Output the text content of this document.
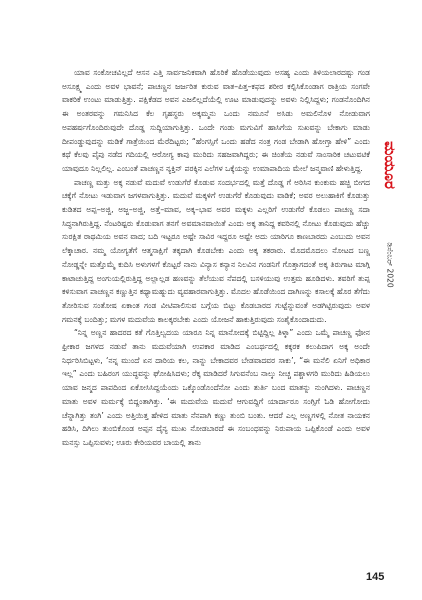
ಯಾವ ಸಂಕೋಚವಿಲ್ಲದೆ ಆಸನ ಎತ್ತಿ ಸಾರ್ವಜನಿಕವಾಗಿ ಹೊರಿಕೆ ಹೊಡೆಯುವುದು ಅಸಹ್ಯ ಎಂದು ತಿಳಿಯಲಾರದಷ್ಟು ಗಂಡ ಅಸೂಕ್ಷ್ಮ ಎಂದು ಅವಳ ಭಾವನೆ; ಪಾಚಣ್ಣನ ಜರ್ಜರಿತ ಕುರುವ ವಾತ–ಪಿತ್ತ–ಕಫದ ಶರೀರ ಕಲ್ಪಿಸಿಕೊಂಡಾಗ ರಾತ್ರಿಯ ಸಂಗವೇ ವಾಕರಿಕೆ ಉಂಟು ಮಾಡುತ್ತಿತ್ತು. ಪಕ್ಷಿಕೆಡದ ಅವನ ಎಜಲಿಲ್ಲದೆಯೆಲ್ಲಿ ಊಟ ಮಾಡುವುದನ್ನು ಅವಳು ನಿಲ್ಲಿಸಿದ್ದಳು; ಗಂಡನೊಂದಿಗಿನ ಈ ಅಂತರವನ್ನು ಗಮನಿಸಿದ ಕೆಲ ಗೃಹಸ್ಥರು ಅಕ್ಕಮ್ಮನು ಒಂದು ನಮೂನೆ ಅಸಿಡು ಅಮಲಿನೊಳ ನೋಡುವಾಗ ಅಪಹರ್ಷಗೊಂದಿರುವುದೇ ದೊಡ್ಡ ಸುದ್ದಿಯಾಗುತ್ತಿತ್ತು. ಒಂದೇ ಗಂಡು ಮಗುವಿಗೆ ಹಾಸಿಗೆಯ ಸುಖವನ್ನು ಬೇಕಾಗು ಮಾಡು ದೀಪಂಡ್ಡುವುದನ್ನು ಮಡಿಕೆ ಗಾತ್ರೆಯಿಂದ ಮೆರೆದಿಟ್ಟರು; “ಹೆಂಗಸ್ಸಿಗೆ ಒಂದು ಹಡೆದ ನಂತ್ರ ಗಂಡ ಬೇಡಾಗಿ ಹೋಗ್ತಾ ಹೇಳಿ” ಎಂದು ಕಥೆ ಕೆಲವು ಪೈಪು ನಡೆದ ಗದಿಯಲ್ಲಿ ಆರೋಗ್ಯ ಕಾಪು ಮುರಿದು ಸಹಜವಾಗಿದ್ದರು; ಈ ಚಿಂತೆಯ ನಡುವೆ ಸಾಂಸಾರಿಕ ಚಟುವಟಿಕೆ ಯಾವುದೂ ನಿಲ್ಲಲಿಲ್ಲ. ಎಂಬಂತೆ ಪಾಚಣ್ಣನ ನ್ಯಕ್ತಿನ್ ಪರಕ್ಕಿನ ಎಲೆಗಳ ಒಕ್ಕೆಯನ್ನು ಉಮಾಪಾದಿಯ ಮೇಲೆ ಜನ್ಮವಾಣಿ ಹೇಳುತ್ತಿದ್ದ.

ಪಾಚಣ್ಣ ಮತ್ತು ಅಕ್ಕ ನಡುವೆ ಮದುವೆ ಉಡುಗೆರೆ ಕೊಡುವ ಸಂದರ್ಭದಲ್ಲಿ ಮತ್ತೆ ದೊಡ್ಡ ಗೆ ಅರಿಸಿನ ಕುಂಕುಮ ಹಚ್ಚಿ ಬೀಗದ ಚಕ್ಕೆಗೆ ನೋಟು ಇಡುವಾಗ ಜಗಳವಾಗುತ್ತಿತ್ತು. ಮದುವೆ ಮಕ್ಕಳಿಗೆ ಉಡುಗೆರೆ ಕೊಡುವುದು ವಾಡಿಕೆ; ಅವರ ಅಲುಹಾಕಿಗೆ ಕೊಡುತ್ತು ಕುಡಿತದ ಅಪ್ಪ–ಅಜ್ಜಿ, ಅಜ್ಜ–ಅಜ್ಜಿ, ಅತ್ತೆ–ಮಾವ, ಅಕ್ಕ–ಭಾವ ಅವರ ಮಕ್ಕಳು ಎಲ್ಲರಿಗೆ ಉಡುಗೆರೆ ಕೊಡಲು ಪಾಚಣ್ಣ ಸದಾ ಸಿದ್ಧನಾಗಿರುತ್ತಿದ್ದ. ನೆಂಟರಿಷ್ಟರು ಕೊಡುವಾಗ ತನಗೆ ಅವಮಾನವಾಯಿತೆ ಎಂದು ಅಕ್ಕ ತಾನಿದ್ದ ಕವರಿನಲ್ಲಿ ನೋಟು ಕೊಡುವುದು ಹೆಚ್ಚು ಸುರಕ್ಷಿತ ರಾಥಮಿಯ ಅವನ ವಾದ; ಬದಿ ಇಟ್ಟರೂ ಅಷ್ಟೇ ಸಾವಿರ ಇದ್ದರೂ ಅಷ್ಟೇ ಅದು ಯಾರಿಗೂ ಕಾಣಬಾರದು ಎಂಬುದು ಅವನ ಲೆಕ್ಕಾಚಾರ. ನಮ್ಮ ಯೋಗ್ಯತೆಗೆ ಆತ್ಮಸಾಕ್ಷಿಗೆ ತಕ್ಕದಾಗಿ ಕೊಡಬೇಕು ಎಂದು ಅಕ್ಕ ತಕರಾರು. ಮೊದಮೊದಲು ನೋಟದ ಬಣ್ಣ ನೋಡ್ಡನ್ನೇ ಮತ್ತೊಮ್ಮೆ ಕುದಿಸಿ ಅಳುಗಳಗೆ ಕೊಟ್ಟರೆ ನಾನು ವಿನ್ಯಾಸ ಕನ್ಯಾನ ನಿಲವಿನ ಗಂಡನಿಗೆ ಗೊತ್ತಾಗದಂತೆ ಅಕ್ಕ ತಿರುಗಾಟ ಮಾಗ್ಗಿ ಕಾಟಾಚುತ್ತಿದ್ದ ಅಂಗುಯಲ್ಲಿರುತ್ತಿದ್ದ ಅಲ್ಲಾಲ್ಲಡ ಹಣವನ್ನು ತೆಲೆಯುವ ನೆಪದಲ್ಲಿ ಬಸಳಿಯುವು ಉತ್ತಮ ಹೂಡಿದಳು. ತವರಿಗೆ ತುಪ್ಪ ಕಳಿಸುವಾಗ ಪಾಚಣ್ಣನ ಕಣ್ಣುತ್ತಿನ ಕಥ್ಯಾಮಹ್ನುದು ವ್ಯವಹಾರವಾಗುತ್ತಿತ್ತು. ಮೊದಲ ಹೊಡೆಯಿಂದ ದಾಗಿಣನ್ನು ಕಸಾಲಕ್ಕೆ ಹೊರ ತೆಗೆದು ತೋರಿಸುವ ಸಂತೋಷ ಏಕಾಂತ ಗಂಡ ವೀಟಿಪಾಲಿಸುವ ಬಗ್ಗೆಯ ಬಿಟ್ಟು ಕೊಡಬಾರದ ಗುಟ್ಟೆನ್ನುವಂತೆ ಅಡಗಿಟ್ಟಿರುವುದು ಅವಳ ಗಮನಕ್ಕೆ ಬಂದಿತ್ತು; ಮಗಳ ಮದುವೆಯ ಕಾಲಕ್ಕರಬೇಕು ಎಂದು ಯೋಜನೆ ಹಾಕುತ್ತಿರುವುದು ಸಂಶೈಕೊಂದಾದುದು.

“ನಿನ್ನ ಅಣ್ಣನ ಹಾದರದ ಕತೆ ಗೊತ್ತಿಲ್ವದಯ ಯಾರೂ ನಿನ್ನ ಮಾನೋದಕ್ಕೆ ಬಿಟ್ಟಿದ್ದಿಲ್ಲ ತಿಳ್ಕಾ” ಎಂದು ಒಮ್ಮೆ ಪಾಚಣ್ಣ ಫೋನ ಫ್ರೀಕಾರ ಜಗಳದ ನಡುವೆ ತಾನು ಮದುವೆಯಾಗಿ ಉಪಕಾರ ಮಾಡಿದ ಎಂಬರ್ಥದಲ್ಲಿ ಕಕ್ಕರಕ ಕಲುಪಿದಾಗ ಅಕ್ಕ ಅಂದೇ ನಿರ್ಧರಿಸಿಬಿಟ್ಟಳು, ‘ನನ್ನ ಮುಂದೆ ಏನ ದಾರಿಯ ಕಲ, ನಾನ್ನು ಬೇಕಾದವರ ಬೇಡವಾದವರ ಸಾಕು’, “ಈ ಮನೆಲಿ ಏನಿಗೆ ಅಧಿಕಾರ ಇಲ್ಲ” ಎಂದು ಬಹಿರಂಗ ಯುದ್ಧವನ್ನು ಘೋಷಿಸಿದಳು; ರೆಕ್ಕ ಮಾಡಿದರೆ ಸಿಗುವನೆಂಬ ನಾಲ್ಕು ನೀಚ್ಚ ಪಶ್ಚಾಳಗರಿ ಮುರಿದು ಹಿಡಿಯಲು ಯಾವ ಜನ್ಮದ ಪಾಪದಿಂದ ಏಕೋಸಿಸಿದ್ದಯೆಂದು ಒಕ್ಕೊಂಡೊಂದೆನೋ ಎಂದು ತುರ್ತಿ ಬಂದ ಮಾತನ್ನು ನುಂಗಿದಳು. ಪಾಚಣ್ಣನ ಮಾತು ಅವಳ ಮರ್ಮಕ್ಕೆ ಬಿದ್ದಂತಾಗಿತ್ತು. ‘ಈ ಮದುವೆಯ ಮದುವೆ ಆಗುವದ್ದಿಗೆ ಯಾರ್ದಾರೂ ಸಂಗ್ಸಿಗೆ ಓಡಿ ಹೋಗೋದು ಚೆನ್ನಾಗಿತ್ತು ತಂಗಿ’ ಎಂದು ಅತ್ತಿಯಿತ್ತ ಹೇಳಿದ ಮಾತು ನೆನಪಾಗಿ ಕಣ್ಣು ತುಂಬಿ ಬಂತು. ಆದರೆ ಎಲ್ಲ ಅಣ್ಣಗಳಲ್ಲಿ ನೋತ ನಾಯಕನ ಹಡಿಸಿ, ದಿಗಿಲು ತುಂಬಿಕೊಂಡ ಅಪ್ಪನ ದೈನ್ಯ ಮುಖ ನೋಡಬಾರದೆ ಈ ಸಂಬಂಧವನ್ನು ನಿರುಪಾಯ ಒಪ್ಪಿಕೊಂಡೆ ಎಂದು ಅವಳ ಮನಸ್ಸು ಒಪ್ಪಿಸುವಳು; ಊರು ಕೇರಿಯವರ ಬಾಯಲ್ಲಿ ತಾನು

ಮಯೂರ
ಡಿಸೆಂಬರ್ 2020
145
